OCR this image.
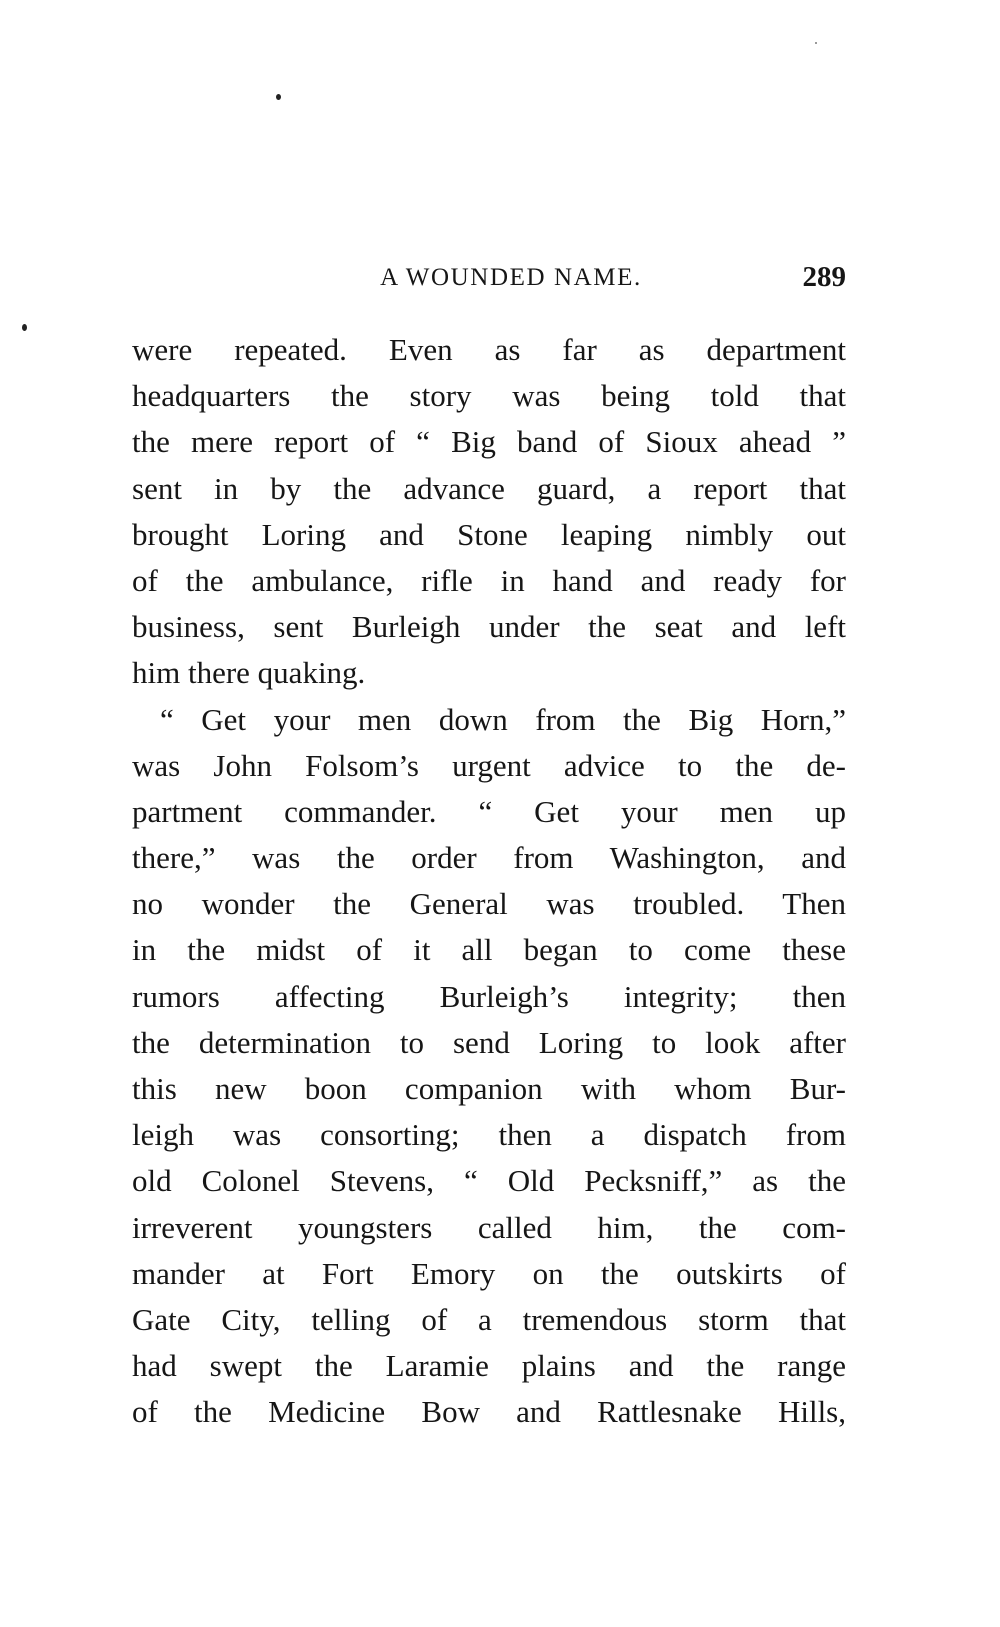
A WOUNDED NAME.	289
were repeated. Even as far as department
headquarters the story was being told that
the mere report of “ Big band of Sioux ahead ”
sent in by the advance guard, a report that
brought Loring and Stone leaping nimbly out
of the ambulance, rifle in hand and ready for
business, sent Burleigh under the seat and left
him there quaking.
“ Get your men down from the Big Horn,”
was John Folsom’s urgent advice to the de-
partment commander. “ Get your men up
there,” was the order from Washington, and
no wonder the General was troubled. Then
in the midst of it all began to come these
rumors affecting Burleigh’s integrity; then
the determination to send Loring to look after
this new boon companion with whom Bur-
leigh was consorting; then a dispatch from
old Colonel Stevens, “ Old Pecksniff,” as the
irreverent youngsters called him, the com-
mander at Fort Emory on the outskirts of
Gate City, telling of a tremendous storm that
had swept the Laramie plains and the range
of the Medicine Bow and Rattlesnake Hills,
